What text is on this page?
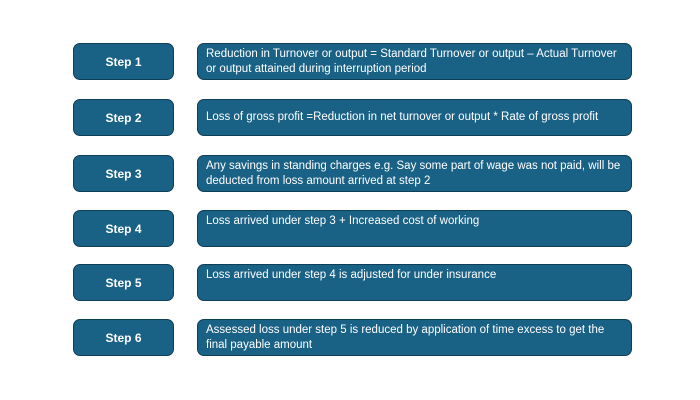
Step 1
Reduction in Turnover or output = Standard Turnover or output – Actual Turnover or output attained during interruption period
Step 2	Loss of gross profit =Reduction in net turnover or output * Rate of gross profit
Step 3
Any savings in standing charges e.g. Say some part of wage was not paid, will be deducted from loss amount arrived at step 2
Step 4
Loss arrived under step 3 + Increased cost of working
Step 5
Loss arrived under step 4 is adjusted for under insurance
Step 6
Assessed loss under step 5 is reduced by application of time excess to get the final payable amount
